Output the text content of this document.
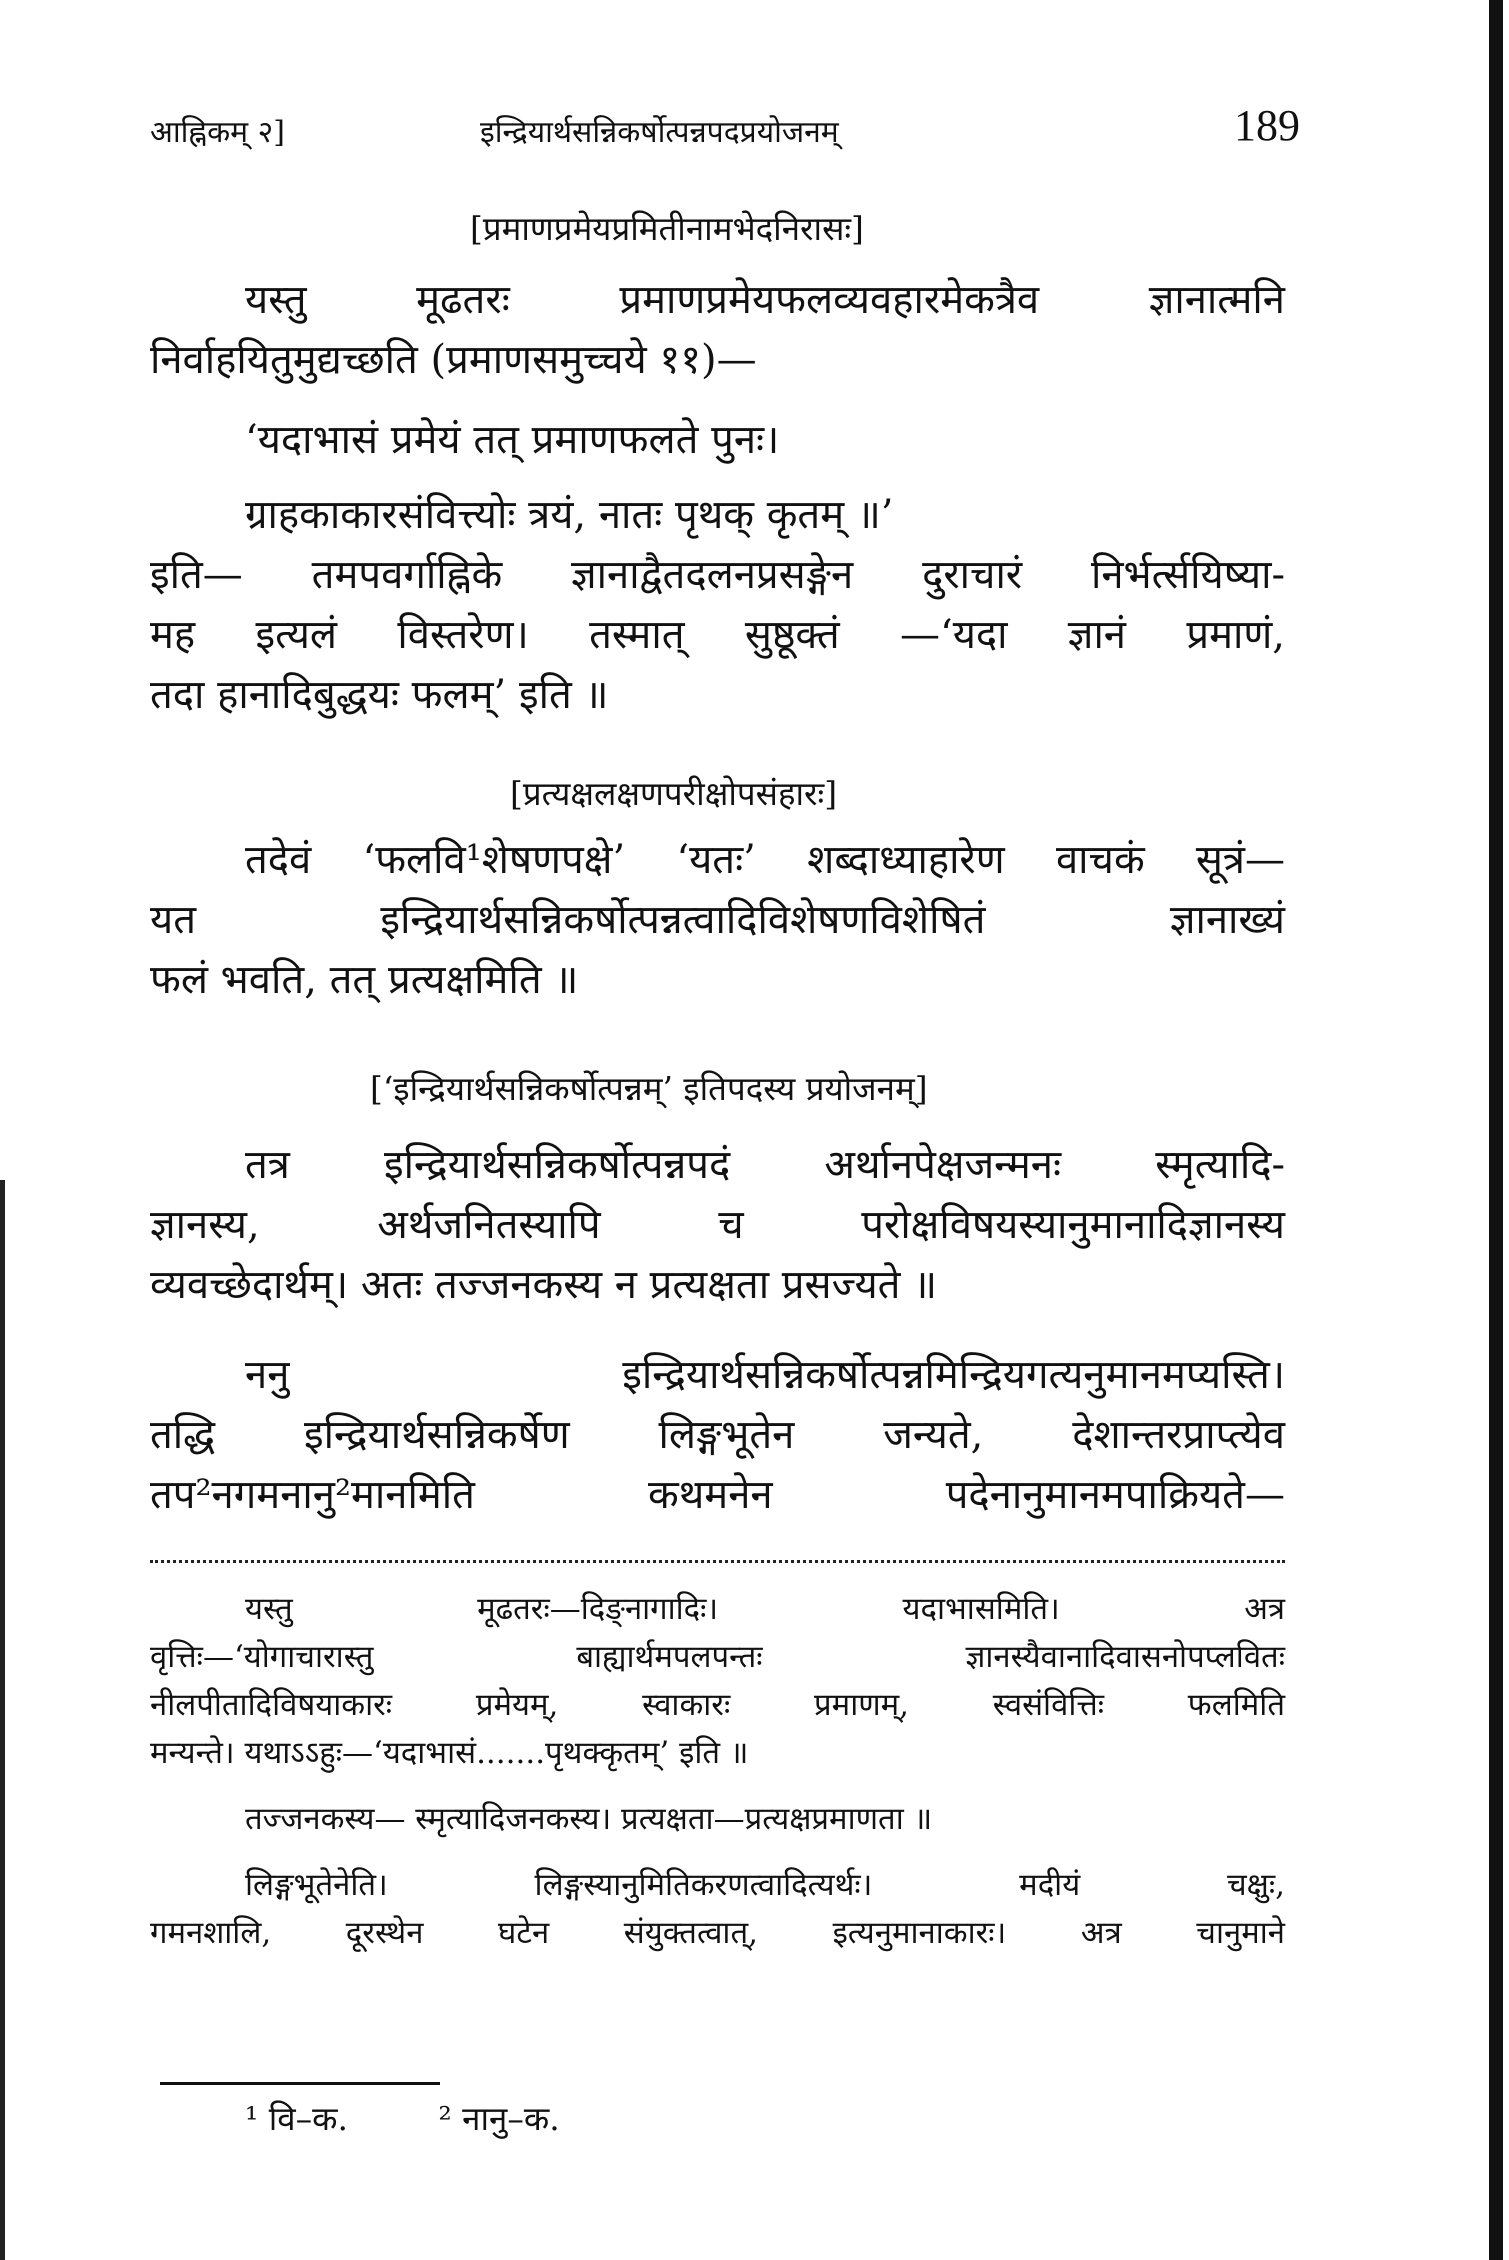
आह्निकम् २]	इन्द्रियार्थसन्निकर्षोत्पन्नपदप्रयोजनम्	189
[प्रमाणप्रमेयप्रमितीनामभेदनिरासः]
यस्तु मूढतरः प्रमाणप्रमेयफलव्यवहारमेकत्रैव ज्ञानात्मनि
निर्वाहयितुमुद्यच्छति (प्रमाणसमुच्चये ११)—
‘यदाभासं प्रमेयं तत् प्रमाणफलते पुनः।
ग्राहकाकारसंवित्त्योः त्रयं, नातः पृथक् कृतम् ॥’
इति— तमपवर्गाह्निके ज्ञानाद्वैतदलनप्रसङ्गेन दुराचारं निर्भर्त्सयिष्या-
मह इत्यलं विस्तरेण। तस्मात् सुष्ठूक्तं —‘यदा ज्ञानं प्रमाणं,
तदा हानादिबुद्धयः फलम्’ इति ॥
[प्रत्यक्षलक्षणपरीक्षोपसंहारः]
तदेवं ‘फलवि¹शेषणपक्षे’ ‘यतः’ शब्दाध्याहारेण वाचकं सूत्रं—
यत इन्द्रियार्थसन्निकर्षोत्पन्नत्वादिविशेषणविशेषितं ज्ञानाख्यं
फलं भवति, तत् प्रत्यक्षमिति ॥
[‘इन्द्रियार्थसन्निकर्षोत्पन्नम्’ इतिपदस्य प्रयोजनम्]
तत्र इन्द्रियार्थसन्निकर्षोत्पन्नपदं अर्थानपेक्षजन्मनः स्मृत्यादि-
ज्ञानस्य, अर्थजनितस्यापि च परोक्षविषयस्यानुमानादिज्ञानस्य
व्यवच्छेदार्थम्। अतः तज्जनकस्य न प्रत्यक्षता प्रसज्यते ॥
ननु इन्द्रियार्थसन्निकर्षोत्पन्नमिन्द्रियगत्यनुमानमप्यस्ति।
तद्धि इन्द्रियार्थसन्निकर्षेण लिङ्गभूतेन जन्यते, देशान्तरप्राप्त्येव
तप²नगमनानु²मानमिति कथमनेन पदेनानुमानमपाक्रियते—
यस्तु मूढतरः—दिङ्नागादिः। यदाभासमिति। अत्र
वृत्तिः—‘योगाचारास्तु बाह्यार्थमपलपन्तः ज्ञानस्यैवानादिवासनोपप्लवितः
नीलपीतादिविषयाकारः प्रमेयम्, स्वाकारः प्रमाणम्, स्वसंवित्तिः फलमिति
मन्यन्ते। यथाऽऽहुः—‘यदाभासं.......पृथक्कृतम्’ इति ॥
तज्जनकस्य— स्मृत्यादिजनकस्य। प्रत्यक्षता—प्रत्यक्षप्रमाणता ॥
लिङ्गभूतेनेति। लिङ्गस्यानुमितिकरणत्वादित्यर्थः। मदीयं चक्षुः,
गमनशालि, दूरस्थेन घटेन संयुक्तत्वात्, इत्यनुमानाकारः। अत्र चानुमाने
¹ वि–क.	² नानु–क.
